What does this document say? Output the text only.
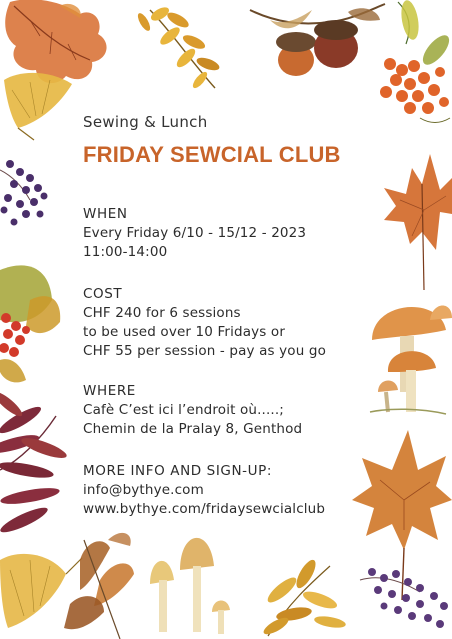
Sewing & Lunch

FRIDAY SEWCIAL CLUB

WHEN
Every Friday 6/10 - 15/12 - 2023
11:00-14:00
COST
CHF 240 for 6 sessions
to be used over 10 Fridays or
CHF 55 per session - pay as you go
WHERE
Cafè C’est ici l’endroit où.....;
Chemin de la Pralay 8, Genthod
MORE INFO AND SIGN-UP:
info@bythye.com
www.bythye.com/fridaysewcialclub
